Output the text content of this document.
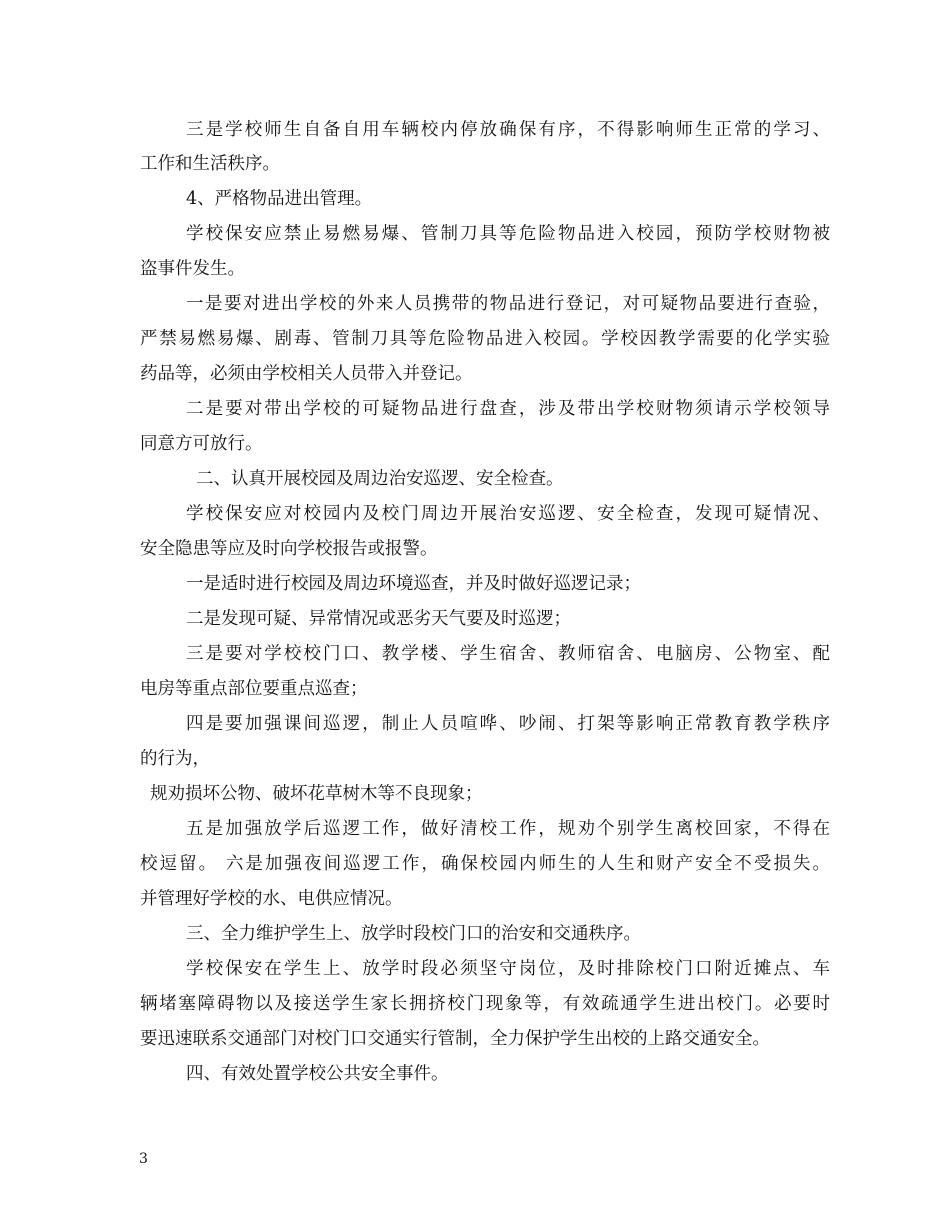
三是学校师生自备自用车辆校内停放确保有序，不得影响师生正常的学习、
工作和生活秩序。
4、严格物品进出管理。
学校保安应禁止易燃易爆、管制刀具等危险物品进入校园，预防学校财物被
盗事件发生。
一是要对进出学校的外来人员携带的物品进行登记，对可疑物品要进行查验，
严禁易燃易爆、剧毒、管制刀具等危险物品进入校园。学校因教学需要的化学实验
药品等，必须由学校相关人员带入并登记。
二是要对带出学校的可疑物品进行盘查，涉及带出学校财物须请示学校领导
同意方可放行。
二、认真开展校园及周边治安巡逻、安全检查。
学校保安应对校园内及校门周边开展治安巡逻、安全检查，发现可疑情况、
安全隐患等应及时向学校报告或报警。
一是适时进行校园及周边环境巡查，并及时做好巡逻记录；
二是发现可疑、异常情况或恶劣天气要及时巡逻；
三是要对学校校门口、教学楼、学生宿舍、教师宿舍、电脑房、公物室、配
电房等重点部位要重点巡查；
四是要加强课间巡逻，制止人员喧哗、吵闹、打架等影响正常教育教学秩序
的行为，
规劝损坏公物、破坏花草树木等不良现象；
五是加强放学后巡逻工作，做好清校工作，规劝个别学生离校回家，不得在
校逗留。 六是加强夜间巡逻工作，确保校园内师生的人生和财产安全不受损失。
并管理好学校的水、电供应情况。
三、全力维护学生上、放学时段校门口的治安和交通秩序。
学校保安在学生上、放学时段必须坚守岗位，及时排除校门口附近摊点、车
辆堵塞障碍物以及接送学生家长拥挤校门现象等，有效疏通学生进出校门。必要时
要迅速联系交通部门对校门口交通实行管制，全力保护学生出校的上路交通安全。
四、有效处置学校公共安全事件。
3
